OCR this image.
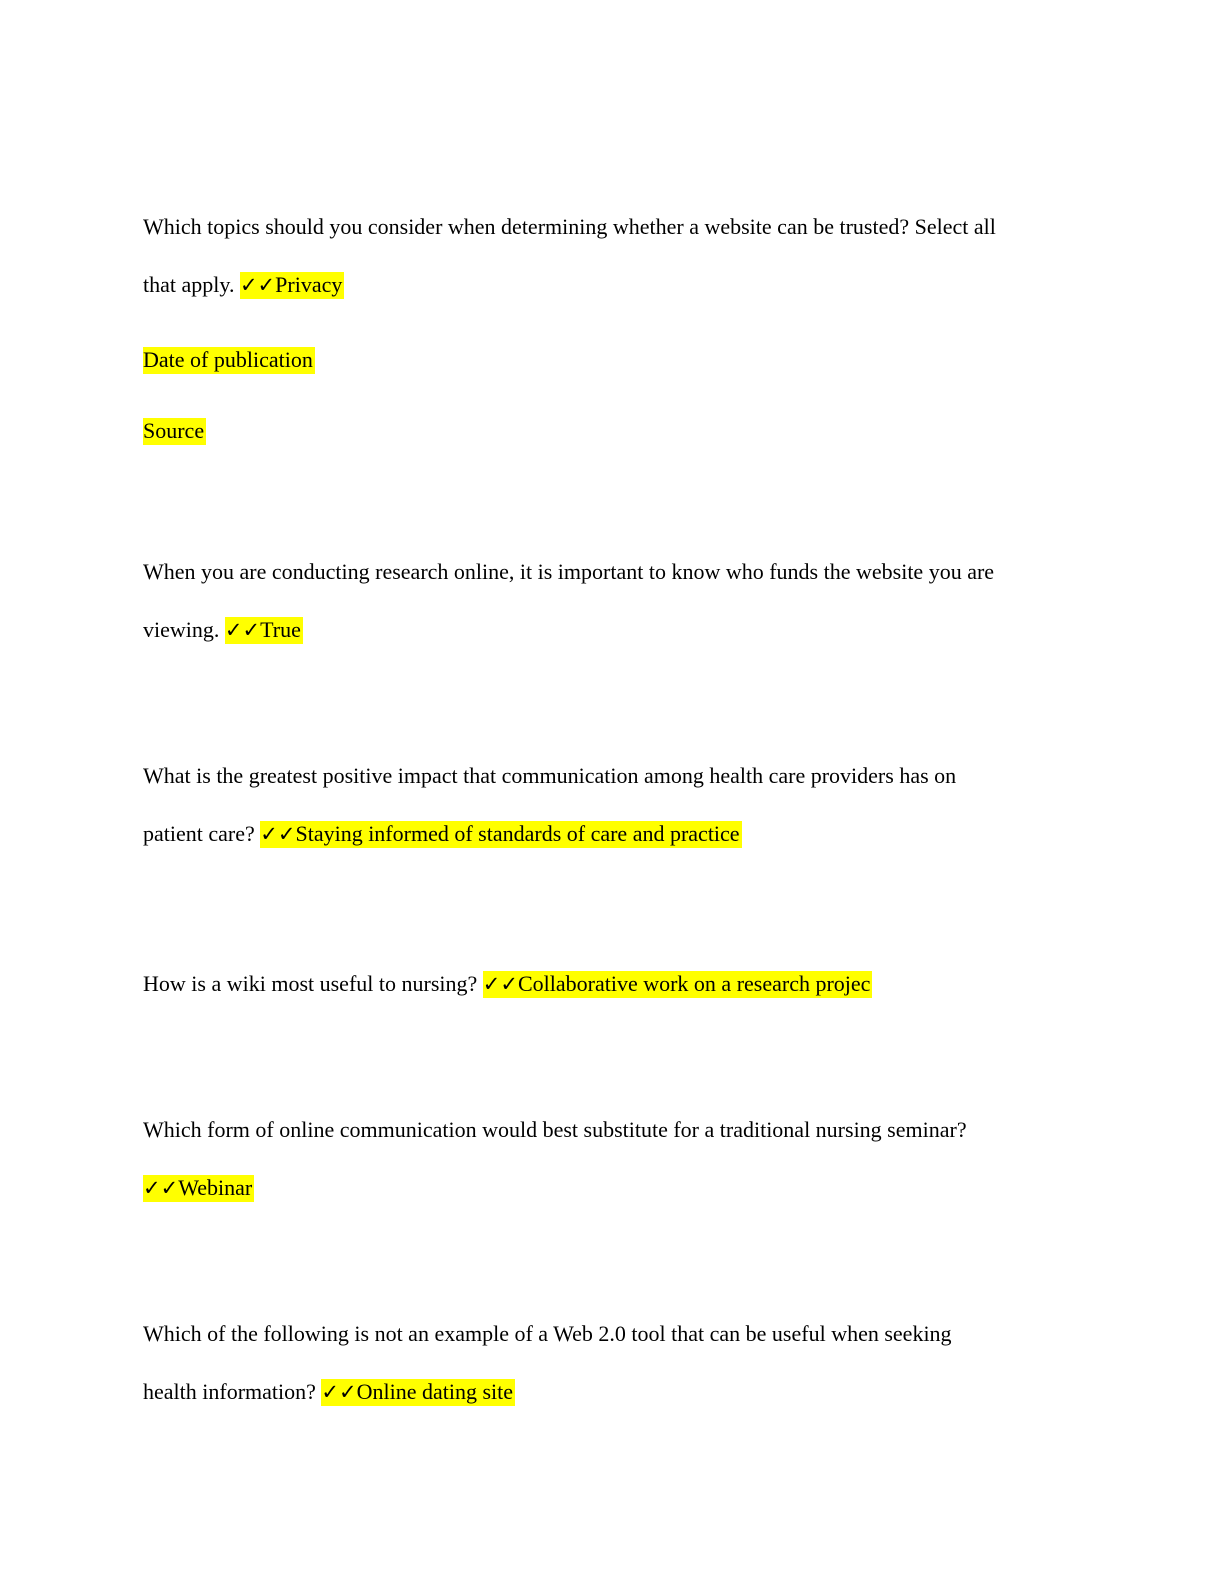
Which topics should you consider when determining whether a website can be trusted? Select all
that apply. ✓✓Privacy
Date of publication
Source
When you are conducting research online, it is important to know who funds the website you are
viewing. ✓✓True
What is the greatest positive impact that communication among health care providers has on
patient care? ✓✓Staying informed of standards of care and practice
How is a wiki most useful to nursing? ✓✓Collaborative work on a research projec
Which form of online communication would best substitute for a traditional nursing seminar?
✓✓Webinar
Which of the following is not an example of a Web 2.0 tool that can be useful when seeking
health information? ✓✓Online dating site
